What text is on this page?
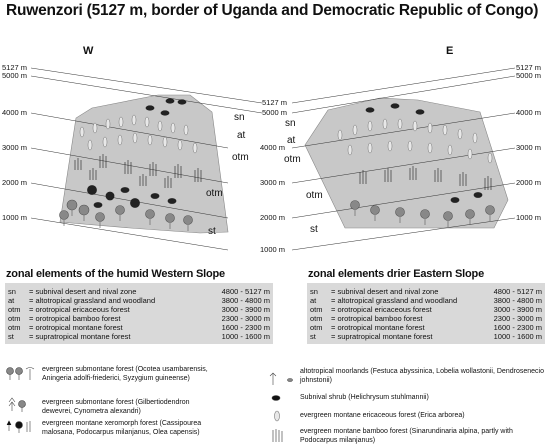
Ruwenzori (5127 m, border of Uganda and Democratic Republic of Congo)
W	E
5127 m
5000 m
4000 m
3000 m
2000 m
1000 m
5127 m
5000 m
4000 m
3000 m
2000 m
1000 m
5127 m
5000 m
4000 m
3000 m
2000 m
1000 m
sn
at
otm
otm
st
sn
at
otm
otm
st
zonal elements of the humid Western Slope	zonal elements drier Eastern Slope
sn	= subnival desert and nival zone	4800 - 5127 m
at	= altotropical grassland and woodland	3800 - 4800 m
otm	= orotropical ericaceous forest	3000 - 3900 m
otm	= orotropical bamboo forest	2300 - 3000 m
otm	= orotropical montane forest	1600 - 2300 m
st	= supratropical montane forest	1000 - 1600 m
sn	= subnival desert and nival zone	4800 - 5127 m
at	= altotropical grassland and woodland	3800 - 4800 m
otm	= orotropical ericaceous forest	3000 - 3900 m
otm	= orotropical bamboo forest	2300 - 3000 m
otm	= orotropical montane forest	1600 - 2300 m
st	= supratropical montane forest	1000 - 1600 m
evergreen submontane forest (Ocotea usambarensis, Aningeria adolfi-friederici, Syzygium guineense)
evergreen submontane forest (Gilbertiodendron dewevrei, Cynometra alexandri)
evergreen montane xeromorph forest (Cassipourea malosana, Podocarpus milanjanus, Olea capensis)
altotropical moorlands (Festuca abyssinica, Lobelia wollastonii, Dendrosenecio johnstonii)
Subnival shrub (Helichrysum stuhlmannii)
evergreen montane ericaceous forest (Erica arborea)
evergreen montane bamboo forest (Sinarundinaria alpina, partly with Podocarpus milanjanus)
